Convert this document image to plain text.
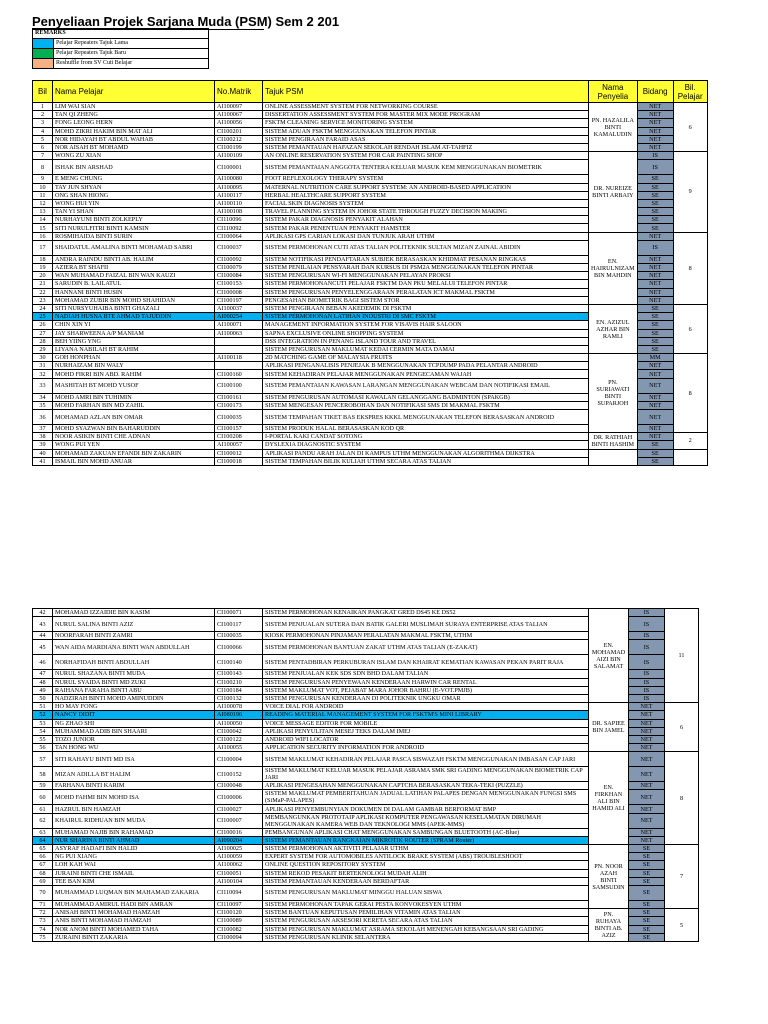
Penyeliaan Projek Sarjana Muda (PSM) Sem 2 201
REMARKS	
	Pelajar Repeaters Tajuk Lama
	Pelajar Repeaters Tajuk Baru
	Reshuffle from SV Cuti Belajar
Bil	Nama Pelajar	No.Matrik	Tajuk PSM	Nama Penyelia	Bidang	Bil. Pelajar
1	LIM WAI SIAN	AI100097	ONLINE ASSESSMENT SYSTEM FOR NETWORKING COURSE	PN. HAZALILA BINTI KAMALUDIN	NET	6
2	TAN QI ZHENG	AI100067	DISSERTATION ASSESSMENT SYSTEM FOR MASTER MIX MODE PROGRAM		NET	
3	FONG LEONG HERN	AI100056	FSKTM CLEANING SERVICE MONITORING SYSTEM		NET	
4	MOHD ZIKRI HAKIM BIN MAT ALI	CI100201	SISTEM ADUAN FSKTM MENGGUNAKAN TELEFON PINTAR		NET	
5	NOR HIDAYAH BT ABDUL WAHAB	CI100212	SISTEM PENGIRAAN FARAID ASAS		NET	
6	NOR AISAH BT MOHAMD	CI100199	SISTEM PEMANTAUAN HAFAZAN SEKOLAH RENDAH ISLAM AT-TAHFIZ		NET	
7	WONG ZU XIAN	AI100109	AN ONLINE RESERVATION SYSTEM FOR CAR PAINTING SHOP	DR. NUREIZE BINTI ARBAIY	IS	9
8	ISHAK BIN ARSHAD	CI100001	SISTEM PEMANTAIAN ANGGOTA TENTERA KELUAR MASUK KEM MENGGUNAKAN BIOMETRIK		IS	
9	E MENG CHUNG	AI100080	FOOT REFLEXOLOGY THERAPY SYSTEM		SE	
10	TAY JUN SHYAN	AI100095	MATERNAL NUTRITION CARE SUPPORT SYSTEM: AN ANDROID-BASED APPLICATION		SE	
11	ONG SHAN HIONG	AI100117	HERBAL HEALTHCARE SUPPORT SYSTEM		SE	
12	WONG HUI YIN	AI100110	FACIAL SKIN DIAGNOSIS SYSTEM		SE	
13	TAN YI SHAN	AI100108	TRAVEL PLANNING SYSTEM IN JOHOR STATE THROUGH FUZZY DECISION MAKING		SE	
14	NURHAYUNI BINTI ZOLKEPLY	CI110096	SISTEM PAKAR DIAGNOSIS PENYAKIT ALAHAN		SE	
15	SITI NURULFITRI BINTI KAMSIN	CI110092	SISTEM PAKAR PENENTUAN PENYAKIT HAMSTER		SE	
16	ROSMIHAIDA BINTI SURIN	CI100064	APLIKASI GPS CARIAN LOKASI DAN TUNJUK ARAH UTHM	EN. HAIRULNIZAM BIN MAHDIN	NET	8
17	SHAIDATUL AMALINA BINTI MOHAMAD SABRI	CI100037	SISTEM PERMOHONAN CUTI ATAS TALIAN POLITEKNIK SULTAN MIZAN ZAINAL ABIDIN		IS	
18	ANDRA RAINDU BINTI AB. HALIM	CI100092	SISTEM NOTIFIKASI PENDAFTARAN SUBJEK BERASASKAN KHIDMAT PESANAN RINGKAS		NET	
19	AZIERA BT SHAFII	CI100079	SISTEM PENILAIAN PENSYARAH DAN KURSUS DI PSM2A MENGGUNAKAN TELEFON PINTAR		NET	
20	WAN MUHAMAD FAIZAL BIN WAN KAUZI	CI100084	SISTEM PENGURUSAN WI-FI MENGGUNAKAN PELAYAN PROKSI		NET	
21	SARUDIN B. LAILATUL	CI100153	SISTEM PERMOHONANCUTI PELAJAR FSKTM DAN PKU MELALUI TELEFON PINTAR		NET	
22	HANNANI BINTI HUSIN	CI100008	SISTEM PENGURUSAN PENYELENGGARAAN PERALATAN ICT MAKMAL FSKTM		NET	
23	MOHAMAD ZUBIR BIN MOHD SHAHIDAN	CI100197	PENGESAHAN BIOMETRIK BAGI SISTEM STOR		NET	
24	SITI NURSYUHAIBA BINTI GHAZALI	AI100037	SISTEM PENGIRAAN BEBAN AKEDEMIK DI FSKTM	EN. AZIZUL AZHAR BIN RAMLI	SE	6
25	NADIAH HUSNA BTE AHMAD TAJUDDIN	AI090254	SISTEM PERMOHONAN LATIHAN INDUSTRI DI SMC FSKTM		SE	
26	CHIN XIN YI	AI100071	MANAGEMENT INFORMATION SYSTEM FOR VISAVIS HAIR SALOON		SE	
27	JAY SHARWEENA A/P MANIAM	AI100063	SAPNA EXCLUSIVE ONLINE SHOPPING SYSTEM		SE	
28	BEH YIING YNG		DSS INTEGRATION IN PENANG ISLAND TOUR AND TRAVEL		SE	
29	LIYANA NABILAH BT RAHIM		SISTEM PENGURUSAN MAKLUMAT KEDAI CERMIN MATA DAMAI		SE	
30	GOH HONPHAN	AI100118	2D MATCHING GAME OF MALAYSIA FRUITS	PN. SURIAWATI BINTI SUPARJOH	MM	8
31	NURHAIZAM BIN WALY		APLIKASI PENGANALISIS PENJEJAK B MENGGUNAKAN TCPDUMP PADA PELANTAR ANDROID		NET	
32	MOHD FIKRI BIN ABD. RAHIM	CI100160	SISTEM KEHADIRAN PELAJAR MENGGUNAKAN PENGECAMAN WAJAH		NET	
33	MASHITAH BT MOHD YUSOF	CI100100	SISTEM PEMANTAIAN KAWASAN LARANGAN MENGGUNAKAN WEBCAM DAN NOTIFIKASI EMAIL		NET	
34	MOHD AMRI BIN TUHIMIN	CI100161	SISTEM PENGURUSAN AUTOMASI KAWALAN GELANGGANG BADMINTON (SPAKGB)		NET	
35	MOHD FARHAN BIN MD ZAHIL	CI100173	SISTEM MENGESAN PENCEROBOHAN DAN NOTIFIKASI SMS DI MAKMAL FSKTM		NET	
36	MOHAMAD AZLAN BIN OMAR	CI100035	SISTEM TEMPAHAN TIKET BAS EKSPRES KKKL MENGGUNAKAN TELEFON BERASASKAN ANDROID		NET	
37	MOHD SYAZWAN BIN BAHARUDDIN	CI100157	SISTEM PRODUK HALAL BERASASKAN KOD QR		NET	
38	NOOR ASIKIN BINTI CHE ADNAN	CI100208	I-PORTAL KAKI CANDAT SOTONG	DR. RATHIAH BINTI HASHIM	NET	2
39	WONG PUI YEN	AI100057	DYSLEXIA DIAGNOSTIC SYSTEM		SE	
40	MOHAMAD ZAKUAN EFANDI BIN ZAKARIN	CI100012	APLIKASI PANDU ARAH JALAN DI KAMPUS UTHM MENGGUNAKAN ALGORITHMA DIJKSTRA		SE	
41	ISMAIL BIN MOHD ANUAR	CI100018	SISTEM TEMPAHAN BILIK KULIAH UTHM SECARA ATAS TALIAN		SE	
42	MOHAMAD IZZAIDIE BIN KASIM	CI100071	SISTEM PERMOHONAN KENAIKAN PANGKAT GRED DS45 KE DS52	EN. MOHAMAD AIZI BIN SALAMAT	IS	11
43	NURUL SALINA BINTI AZIZ	CI100117	SISTEM PENJUALAN SUTERA DAN BATIK GALERI MUSLIMAH SURAYA ENTERPRISE ATAS TALIAN		IS	
44	NOORFARAH BINTI ZAMRI	CI100035	KIOSK PERMOHONAN PINJAMAN PERALATAN MAKMAL FSKTM, UTHM		IS	
45	WAN AIDA MARDIANA BINTI WAN ABDULLAH	CI100066	SISTEM PERMOHONAN BANTUAN ZAKAT UTHM ATAS TALIAN (E-ZAKAT)		IS	
46	NORHAFIDAH BINTI ABDULLAH	CI100140	SISTEM PENTADBIRAN PERKUBURAN ISLAM DAN KHAIRAT KEMATIAN KAWASAN PEKAN PARIT RAJA		IS	
47	NURUL SHAZANA BINTI MUDA	CI100143	SISTEM PENJUALAN KEK SDS SDN BHD DALAM TALIAN		IS	
48	NURUL SYAIDA BINTI MD ZUKI	CI100210	SISTEM PENGURUSAN PENYEWAAN KENDERAAN HARWIN CAR RENTAL		IS	
49	RAIHANA FARAHA BINTI ABU	CI100184	SISTEM MAKLUMAT VOT, PEJABAT MARA JOHOR BAHRU (E-VOT.PMJB)		IS	
50	NADZIRAH BINTI MOHD AMINUDDIN	CI100132	SISTEM PENGURUSAN KENDERAAN DI POLITEKNIK UNGKU OMAR		IS	
51	HO MAY FONG	AI100078	VOICE DIAL FOR ANDROID	DR. SAPIEE BIN JAMEL	NET	6
52	NANCY DIDIT	AI080196	READING MATERIAL MANAGEMENT SYSTEM FOR FSKTM'S MINI LIBRARY		NET	
53	NG ZHAO SHI	AI100050	VOICE MESSAGE EDITOR FOR MOBILE		NET	
54	MUHAMMAD ADIB BIN SHAARI	CI100042	APLIKASI PENYULITAN MESEJ TEKS DALAM IMEJ		NET	
55	TOZO JUNIOR	CI100122	ANDROID WIFI LOCATOR		NET	
56	TAN HONG WU	AI100055	APPLICATION SECURITY INFORMATION FOR ANDROID		NET	
57	SITI RAHAYU BINTI MD ISA	CI100004	SISTEM MAKLUMAT KEHADIRAN PELAJAR PASCA SISWAZAH FSKTM MENGGUNAKAN IMBASAN CAP JARI	EN. FIRKHAN ALI BIN HAMID ALI	NET	8
58	MIZAN ADILLA BT HALIM	CI100152	SISTEM MAKLUMAT KELUAR MASUK PELAJAR ASRAMA SMK SRI GADING MENGGUNAKAN BIOMETRIK CAP JARI		NET	
59	FARHANA BINTI KARIM	CI100048	APLIKASI PENGESAHAN MENGGUNAKAN CAPTCHA BERASASKAN TEKA-TEKI (PUZZLE)		NET	
60	MOHD FAHMI BIN MOHD ISA	CI100006	SISTEM MAKLUMAT PEMBERITAHUAN JADUAL LATIHAN PALAPES DENGAN MENGGUNAKAN FUNGSI SMS (SiMaP-PALAPES)		NET	
61	HAZRUL BIN HAMZAH	CI100027	APLIKASI PENYEMBUNYIAN DOKUMEN DI DALAM GAMBAR BERFORMAT BMP		NET	
62	KHAIRUL RIDHUAN BIN MUDA	CI100007	MEMBANGUNKAN PROTOTAIP APLIKASI KOMPUTER PENGAWASAN KESELAMATAN DIRUMAH MENGGUNAKAN KAMERA WEB DAN TEKNOLOGI MMS (APEK-MMS)		NET	
63	MUHAMAD NAJIB BIN RAHAMAD	CI100016	PEMBANGUNAN APLIKASI CHAT MENGGUNAKAN SAMBUNGAN BLUETOOTH (AC-Blue)		NET	
64	NUR SHARINA BINTI AHMAD	AI090204	SISTEM PEMANTAUAN RANGKAIAN MIKROTIK ROUTER (SPRAM Router)		NET	
65	ASYRAF HADAFI BIN HALID	AI100025	SISTEM PERMOHONAN AKTIVITI PELAJAR UTHM	PN. NOOR AZAH BINTI SAMSUDIN	SE	7
66	NG PUI XIANG	AI100059	EXPERT SYSTEM FOR AUTOMOBILES ANTILOCK BRAKE SYSTEM (ABS) TROUBLESHOOT		SE	
67	LOH KAH WAI	AI100062	ONLINE QUESTION REPOSITORY SYSTEM		SE	
68	JURAINI BINTI CHE ISMAIL	CI100051	SISTEM REKOD PESAKIT BERTEKNOLOGI MUDAH ALIH		SE	
69	TEE BAN KIM	AI100104	SISTEM PEMANTAUAN KENDERAAN BERDAFTAR		SE	
70	MUHAMMAD LUQMAN BIN MAHAMAD ZAKARIA	CI110094	SISTEM PENGURUSAN MAKLUMAT MINGGU HALUAN SISWA		SE	
71	MUHAMMAD AMIRUL HADI BIN AMRAN	CI110097	SISTEM PERMOHONAN TAPAK GERAI PESTA KONVOKESYEN UTHM		SE	
72	ANISAH BINTI MOHAMAD HAMZAH	CI100120	SISTEM BANTUAN KEPUTUSAN PEMILIHAN VITAMIN ATAS TALIAN	PN. RUHAYA BINTI AB. AZIZ	SE	5
73	ANIS BINTI MOHAMAD HAMZAH	CI100089	SISTEM PENGURUSAN AKSESORI KERETA SECARA ATAS TALIAN		SE	
74	NOR ANOM BINTI MOHAMED TAHA	CI100082	SISTEM PENGURUSAN MAKLUMAT ASRAMA SEKOLAH MENENGAH KEBANGSAAN SRI GADING		SE	
75	ZURAINI BINTI ZAKARIA	CI100094	SISTEM PENGURUSAN KLINIK SELANTERA		SE	
